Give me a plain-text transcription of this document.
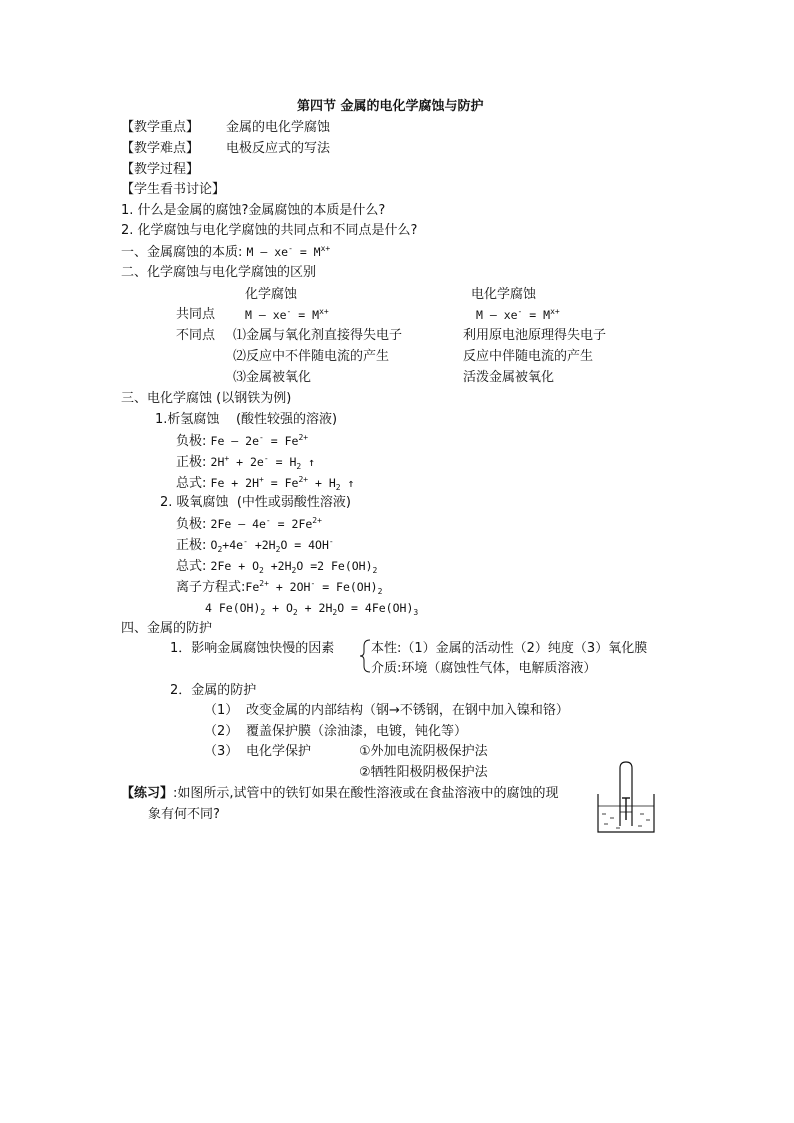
第四节 金属的电化学腐蚀与防护
【教学重点】 金属的电化学腐蚀
【教学难点】 电极反应式的写法
【教学过程】
【学生看书讨论】
1. 什么是金属的腐蚀?金属腐蚀的本质是什么?
2. 化学腐蚀与电化学腐蚀的共同点和不同点是什么?
一、金属腐蚀的本质: $M - xe^- = M^{x+}$
二、化学腐蚀与电化学腐蚀的区别
化学腐蚀	电化学腐蚀
共同点	$M - xe^- = M^{x+}$	$M - xe^- = M^{x+}$
不同点 ⑴金属与氧化剂直接得失电子	利用原电池原理得失电子
⑵反应中不伴随电流的产生	反应中伴随电流的产生
⑶金属被氧化	活泼金属被氧化
三、电化学腐蚀 (以钢铁为例)
1.析氢腐蚀 (酸性较强的溶液)
负极: $Fe - 2e^- = Fe^{2+}$
正极: $2H^+ + 2e^- = H_2$ ↑
总式: $Fe + 2H^+ = Fe^{2+} + H_2$ ↑
2. 吸氧腐蚀 (中性或弱酸性溶液)
负极: $2Fe - 4e^- = 2Fe^{2+}$
正极: $O_2+4e^- +2H_2O = 4OH^-$
总式: $2Fe + O_2 +2H_2O =2$ $Fe(OH)_2$
离子方程式$:Fe^{2+} + 2OH^- = Fe(OH)_2$
4 $Fe(OH)_2 + O_2 + 2H_2O = 4Fe(OH)_3$
四、金属的防护
1．影响金属腐蚀快慢的因素	本性:（1）金属的活动性（2）纯度（3）氧化膜
介质:环境（腐蚀性气体，电解质溶液）
2．金属的防护
（1） 改变金属的内部结构（钢→不锈钢，在钢中加入镍和铬）
（2） 覆盖保护膜（涂油漆，电镀，钝化等）
（3） 电化学保护	①外加电流阴极保护法
②牺牲阳极阴极保护法
【练习】:如图所示,试管中的铁钉如果在酸性溶液或在食盐溶液中的腐蚀的现
象有何不同?
